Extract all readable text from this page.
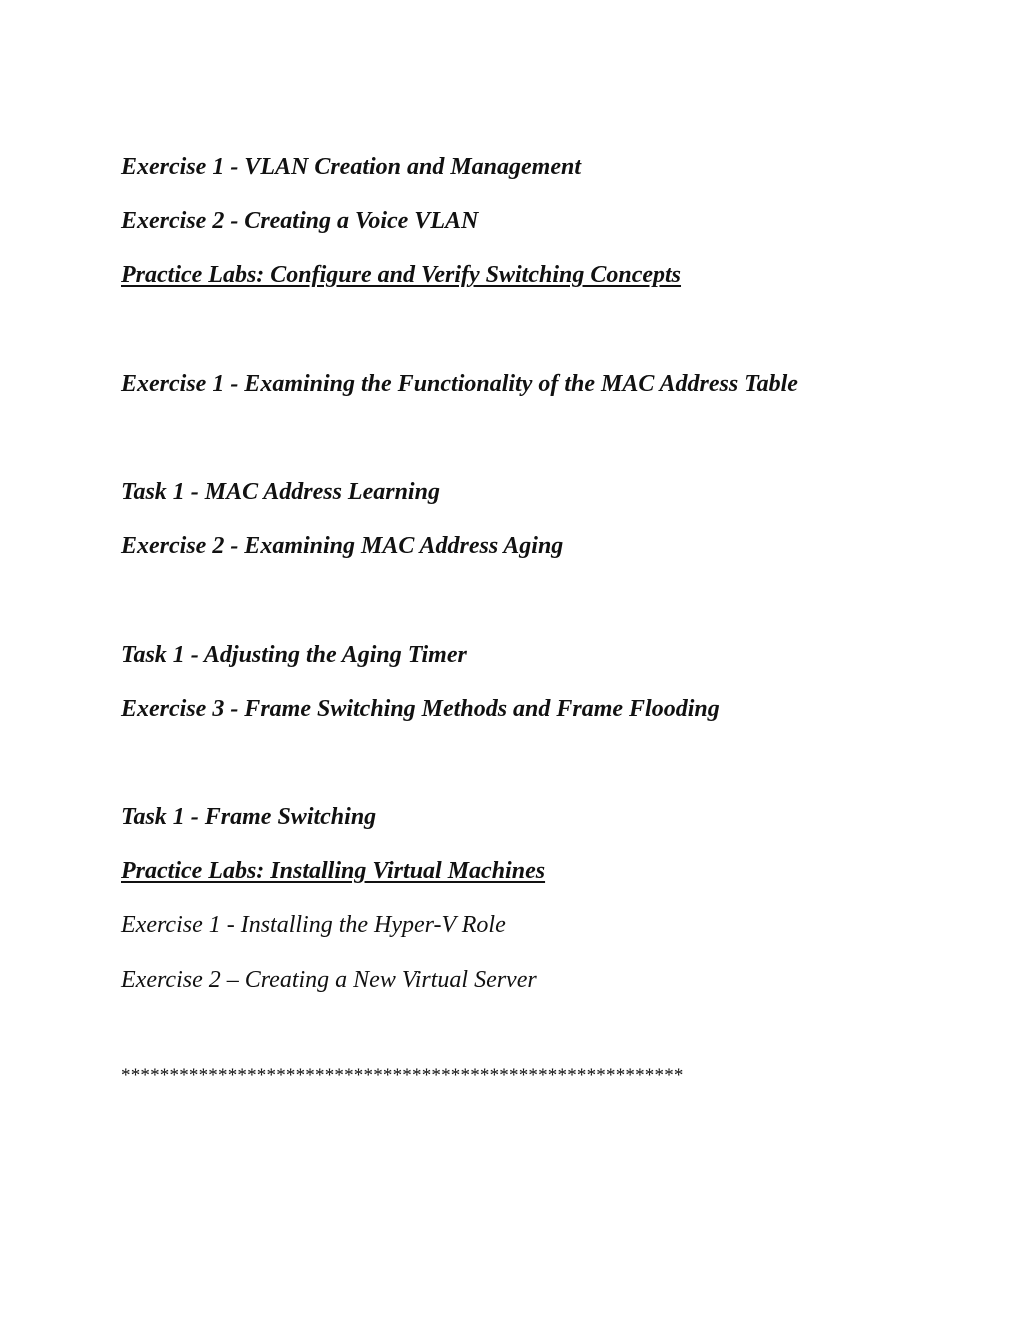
Exercise 1 - VLAN Creation and Management

Exercise 2 - Creating a Voice VLAN

Practice Labs: Configure and Verify Switching Concepts

Exercise 1 - Examining the Functionality of the MAC Address Table

Task 1 - MAC Address Learning

Exercise 2 - Examining MAC Address Aging

Task 1 - Adjusting the Aging Timer

Exercise 3 - Frame Switching Methods and Frame Flooding

Task 1 - Frame Switching

Practice Labs: Installing Virtual Machines

Exercise 1 - Installing the Hyper-V Role

Exercise 2 – Creating a New Virtual Server

**********************************************************
